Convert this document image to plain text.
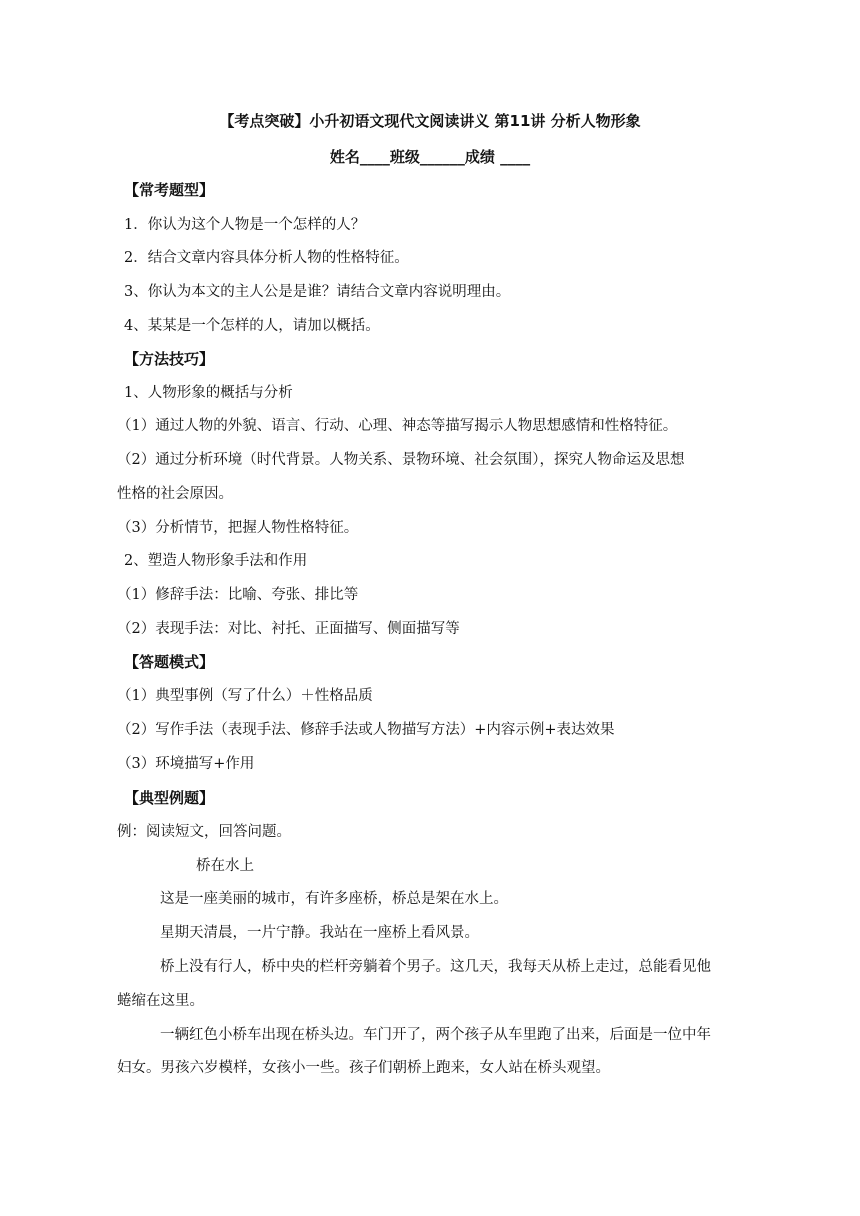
【考点突破】小升初语文现代文阅读讲义 第11讲 分析人物形象
姓名____班级______成绩 ____
【常考题型】
1．你认为这个人物是一个怎样的人？
2．结合文章内容具体分析人物的性格特征。
3、你认为本文的主人公是是谁？请结合文章内容说明理由。
4、某某是一个怎样的人，请加以概括。
【方法技巧】
1、人物形象的概括与分析
（1）通过人物的外貌、语言、行动、心理、神态等描写揭示人物思想感情和性格特征。
（2）通过分析环境（时代背景。人物关系、景物环境、社会氛围），探究人物命运及思想
性格的社会原因。
（3）分析情节，把握人物性格特征。
2、塑造人物形象手法和作用
（1）修辞手法：比喻、夸张、排比等
（2）表现手法：对比、衬托、正面描写、侧面描写等
【答题模式】
（1）典型事例（写了什么）＋性格品质
（2）写作手法（表现手法、修辞手法或人物描写方法）+内容示例+表达效果
（3）环境描写+作用
【典型例题】
例：阅读短文，回答问题。
桥在水上
这是一座美丽的城市，有许多座桥，桥总是架在水上。
星期天清晨，一片宁静。我站在一座桥上看风景。
桥上没有行人，桥中央的栏杆旁躺着个男子。这几天，我每天从桥上走过，总能看见他
蜷缩在这里。
一辆红色小桥车出现在桥头边。车门开了，两个孩子从车里跑了出来，后面是一位中年
妇女。男孩六岁模样，女孩小一些。孩子们朝桥上跑来，女人站在桥头观望。
